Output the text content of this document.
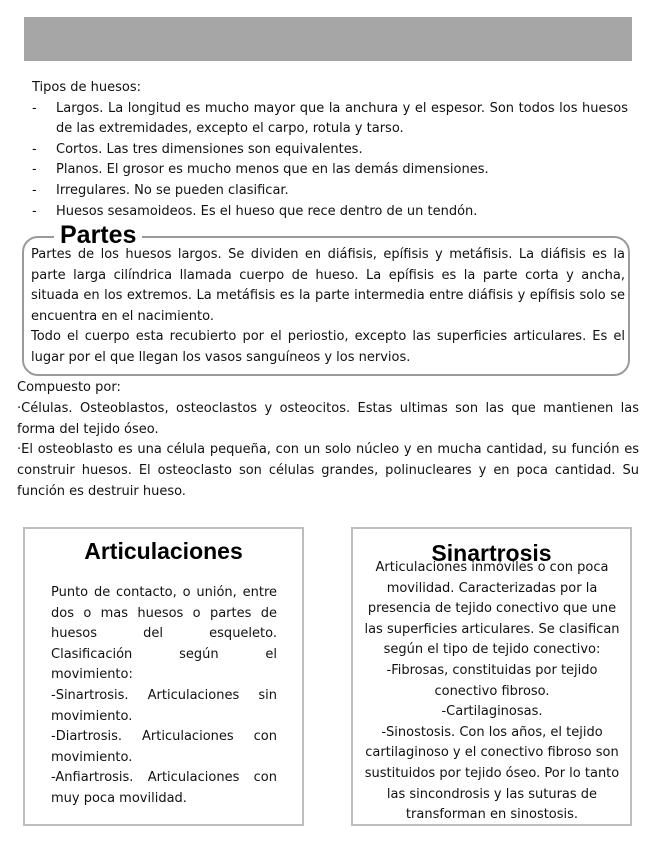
Tipos de huesos:
- Largos. La longitud es mucho mayor que la anchura y el espesor. Son todos los huesos de las extremidades, excepto el carpo, rotula y tarso.
- Cortos. Las tres dimensiones son equivalentes.
- Planos. El grosor es mucho menos que en las demás dimensiones.
- Irregulares. No se pueden clasificar.
- Huesos sesamoideos. Es el hueso que rece dentro de un tendón.
Partes

Partes de los huesos largos. Se dividen en diáfisis, epífisis y metáfisis. La diáfisis es la parte larga cilíndrica llamada cuerpo de hueso. La epífisis es la parte corta y ancha, situada en los extremos. La metáfisis es la parte intermedia entre diáfisis y epífisis solo se encuentra en el nacimiento.

Todo el cuerpo esta recubierto por el periostio, excepto las superficies articulares. Es el lugar por el que llegan los vasos sanguíneos y los nervios.

Compuesto por:

·Células. Osteoblastos, osteoclastos y osteocitos. Estas ultimas son las que mantienen las forma del tejido óseo.

·El osteoblasto es una célula pequeña, con un solo núcleo y en mucha cantidad, su función es construir huesos. El osteoclasto son células grandes, polinucleares y en poca cantidad. Su función es destruir hueso.

Articulaciones

Punto de contacto, o unión, entre dos o mas huesos o partes de huesos del esqueleto.

Clasificación según el movimiento:

-Sinartrosis. Articulaciones sin movimiento.

-Diartrosis. Articulaciones con movimiento.

-Anfiartrosis. Articulaciones con muy poca movilidad.

Sinartrosis

Articulaciones inmóviles o con poca movilidad. Caracterizadas por la presencia de tejido conectivo que une las superficies articulares. Se clasifican según el tipo de tejido conectivo:

-Fibrosas, constituidas por tejido conectivo fibroso.

-Cartilaginosas.

-Sinostosis. Con los años, el tejido cartilaginoso y el conectivo fibroso son sustituidos por tejido óseo. Por lo tanto las sincondrosis y las suturas de transforman en sinostosis.
